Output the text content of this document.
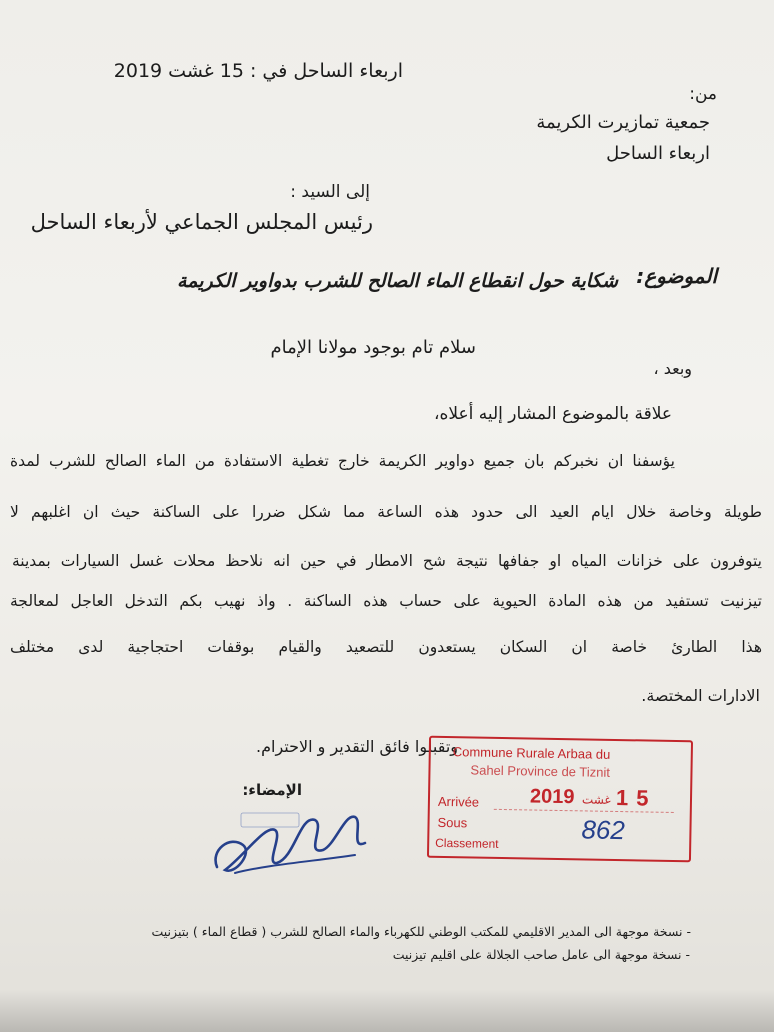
اربعاء الساحل في : 15 غشت 2019
من:
جمعية تمازيرت الكريمة
اربعاء الساحل
إلى السيد :
رئيس المجلس الجماعي لأربعاء الساحل
الموضوع:
شكاية حول انقطاع الماء الصالح للشرب بدواوير الكريمة
سلام تام بوجود مولانا الإمام
وبعد ،
علاقة بالموضوع المشار إليه أعلاه،
يؤسفنا ان نخبركم بان جميع دواوير الكريمة خارج تغطية الاستفادة من الماء الصالح للشرب لمدة
طويلة وخاصة خلال ايام العيد الى حدود هذه الساعة مما شكل ضررا على الساكنة حيث ان اغلبهم لا
يتوفرون على خزانات المياه او جفافها نتيجة شح الامطار في حين انه نلاحظ محلات غسل السيارات بمدينة
تيزنيت تستفيد من هذه المادة الحيوية على حساب هذه الساكنة . واذ نهيب بكم التدخل العاجل لمعالجة
هذا الطارئ خاصة ان السكان يستعدون للتصعيد والقيام بوقفات احتجاجية لدى مختلف
الادارات المختصة.
وتقبلوا فائق التقدير و الاحترام.
الإمضاء:
Commune Rurale Arbaa du
Sahel Province de Tiznit
Arrivée
Sous
Classement
2019 غشت 15
862
- نسخة موجهة الى المدير الاقليمي للمكتب الوطني للكهرباء والماء الصالح للشرب ( قطاع الماء ) بتيزنيت
- نسخة موجهة الى عامل صاحب الجلالة على اقليم تيزنيت
